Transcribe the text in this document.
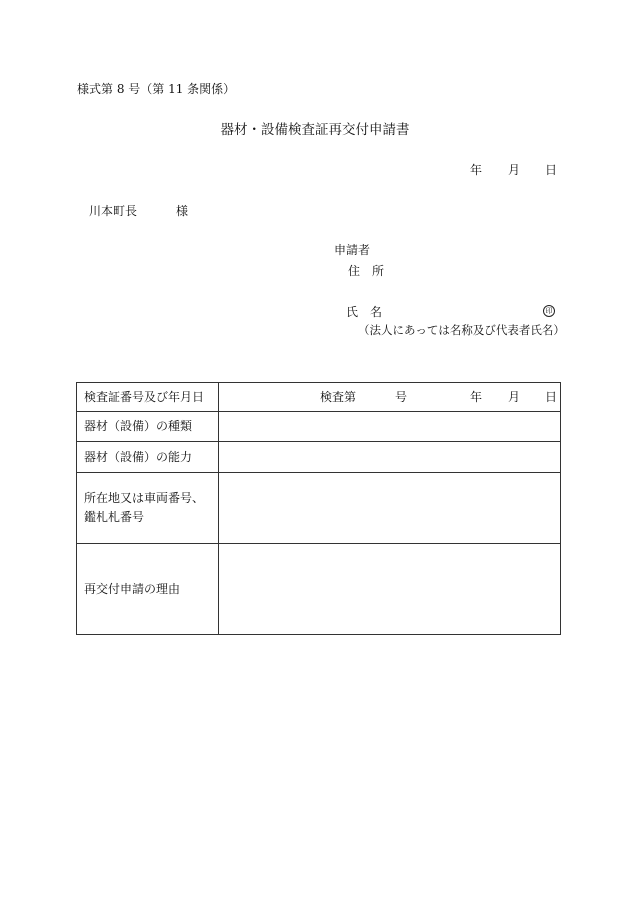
様式第 8 号（第 11 条関係）
器材・設備検査証再交付申請書
年 月 日
川本町長	様
申請者
住　所
氏　名	印
（法人にあっては名称及び代表者氏名）
検査証番号及び年月日	検査第 号 年 月 日

器材（設備）の種類	
器材（設備）の能力	

所在地又は車両番号、
鑑札札番号	

再交付申請の理由	
